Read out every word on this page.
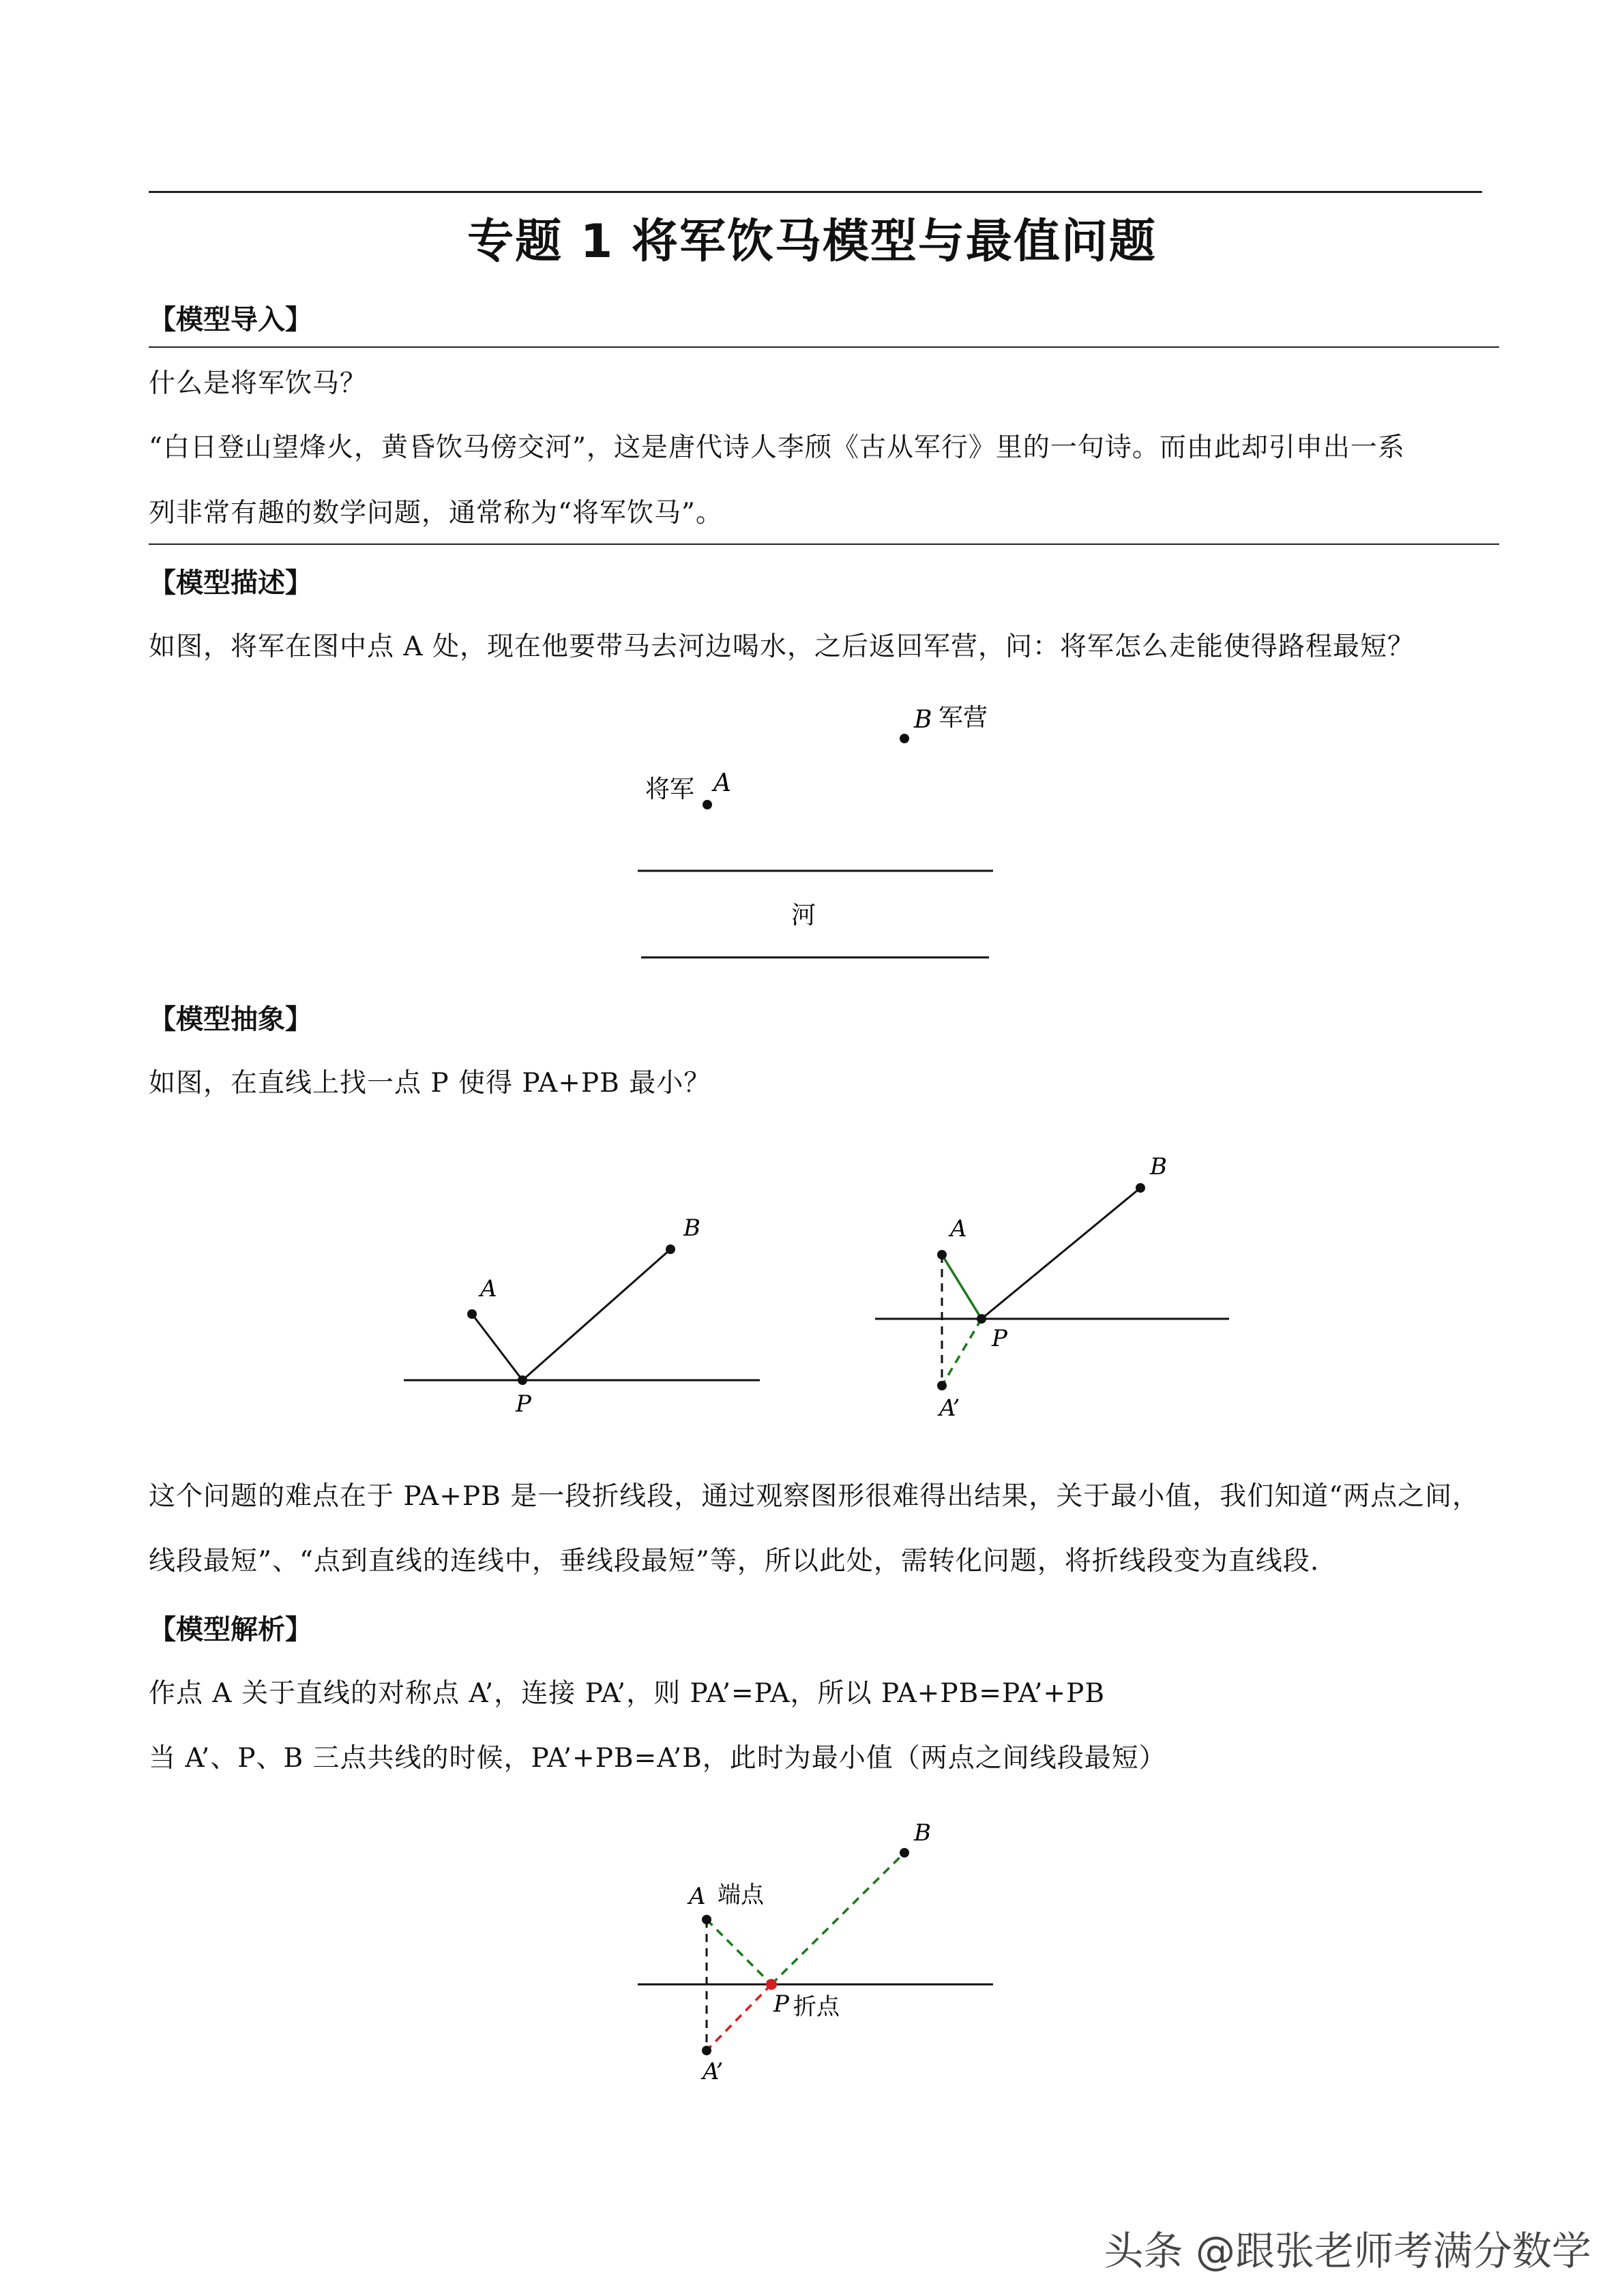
专题 1 将军饮马模型与最值问题
【模型导入】
什么是将军饮马？
“白日登山望烽火，黄昏饮马傍交河”，这是唐代诗人李颀《古从军行》里的一句诗。而由此却引申出一系
列非常有趣的数学问题，通常称为“将军饮马”。
【模型描述】
如图，将军在图中点 A 处，现在他要带马去河边喝水，之后返回军营，问：将军怎么走能使得路程最短？
B 军营
将军 A
河
【模型抽象】
如图，在直线上找一点 P 使得 PA+PB 最小？
A
B
P
A
B
P
A’
这个问题的难点在于 PA+PB 是一段折线段，通过观察图形很难得出结果，关于最小值，我们知道“两点之间，
线段最短”、“点到直线的连线中，垂线段最短”等，所以此处，需转化问题，将折线段变为直线段.
【模型解析】
作点 A 关于直线的对称点 A’，连接 PA’，则 PA’=PA，所以 PA+PB=PA’+PB
当 A’、P、B 三点共线的时候，PA’+PB=A’B，此时为最小值（两点之间线段最短）
B
A 端点
P 折点
A’
头条 @跟张老师考满分数学
